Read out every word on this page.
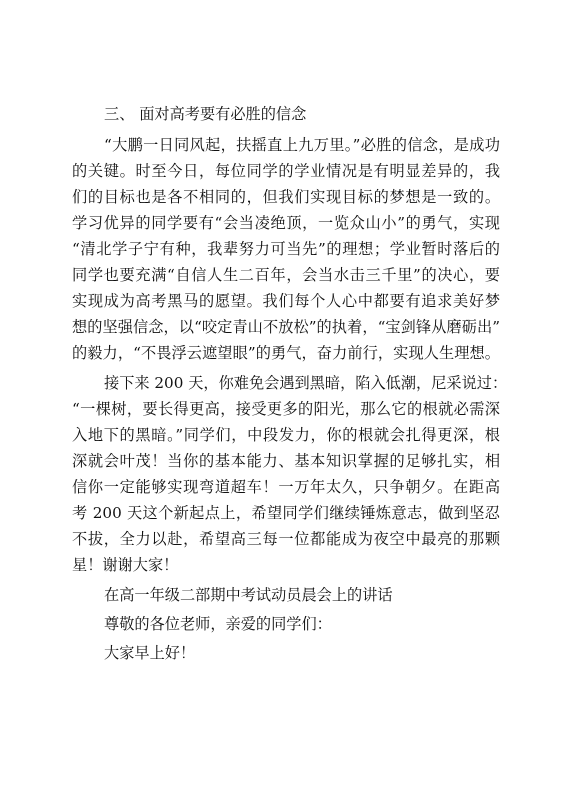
三、 面对高考要有必胜的信念
“大鹏一日同风起，扶摇直上九万里。”必胜的信念，是成功
的关键。时至今日，每位同学的学业情况是有明显差异的，我
们的目标也是各不相同的，但我们实现目标的梦想是一致的。
学习优异的同学要有“会当凌绝顶，一览众山小”的勇气，实现
“清北学子宁有种，我辈努力可当先”的理想；学业暂时落后的
同学也要充满“自信人生二百年，会当水击三千里”的决心，要
实现成为高考黑马的愿望。我们每个人心中都要有追求美好梦
想的坚强信念，以“咬定青山不放松”的执着，“宝剑锋从磨砺出”
的毅力，“不畏浮云遮望眼”的勇气，奋力前行，实现人生理想。
接下来 200 天，你难免会遇到黑暗，陷入低潮，尼采说过：
“一棵树，要长得更高，接受更多的阳光，那么它的根就必需深
入地下的黑暗。”同学们，中段发力，你的根就会扎得更深，根
深就会叶茂！当你的基本能力、基本知识掌握的足够扎实，相
信你一定能够实现弯道超车！一万年太久，只争朝夕。在距高
考 200 天这个新起点上，希望同学们继续锤炼意志，做到坚忍
不拔，全力以赴，希望高三每一位都能成为夜空中最亮的那颗
星！谢谢大家！
在高一年级二部期中考试动员晨会上的讲话
尊敬的各位老师，亲爱的同学们：
大家早上好！
